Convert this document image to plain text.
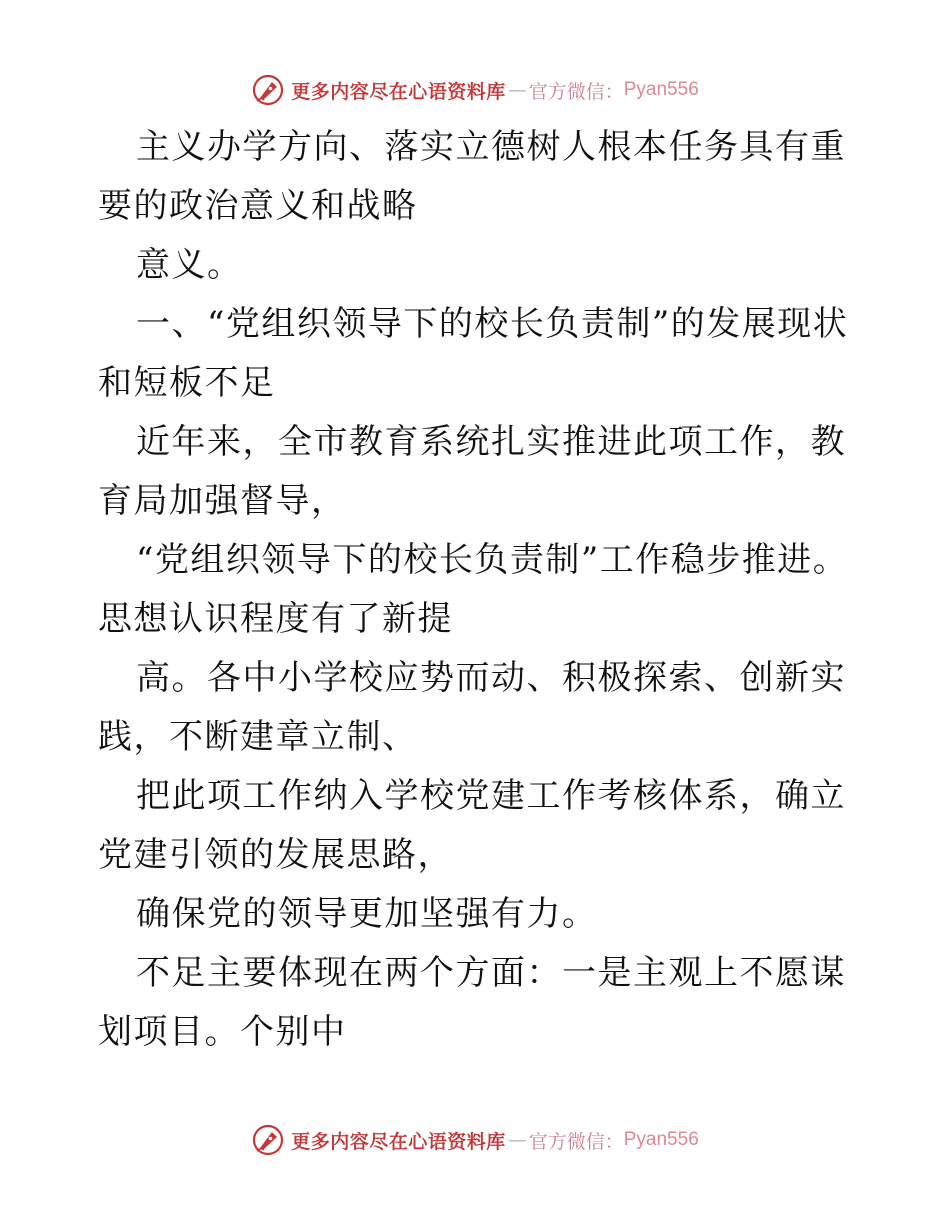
更多内容尽在心语资料库 — 官方微信： Pyan556

主义办学方向、落实立德树人根本任务具有重要的政治意义和战略

意义。

一、“党组织领导下的校长负责制”的发展现状和短板不足

近年来，全市教育系统扎实推进此项工作，教育局加强督导，

“党组织领导下的校长负责制”工作稳步推进。思想认识程度有了新提

高。各中小学校应势而动、积极探索、创新实践，不断建章立制、

把此项工作纳入学校党建工作考核体系，确立党建引领的发展思路，

确保党的领导更加坚强有力。

不足主要体现在两个方面：一是主观上不愿谋划项目。个别中

更多内容尽在心语资料库 — 官方微信： Pyan556
